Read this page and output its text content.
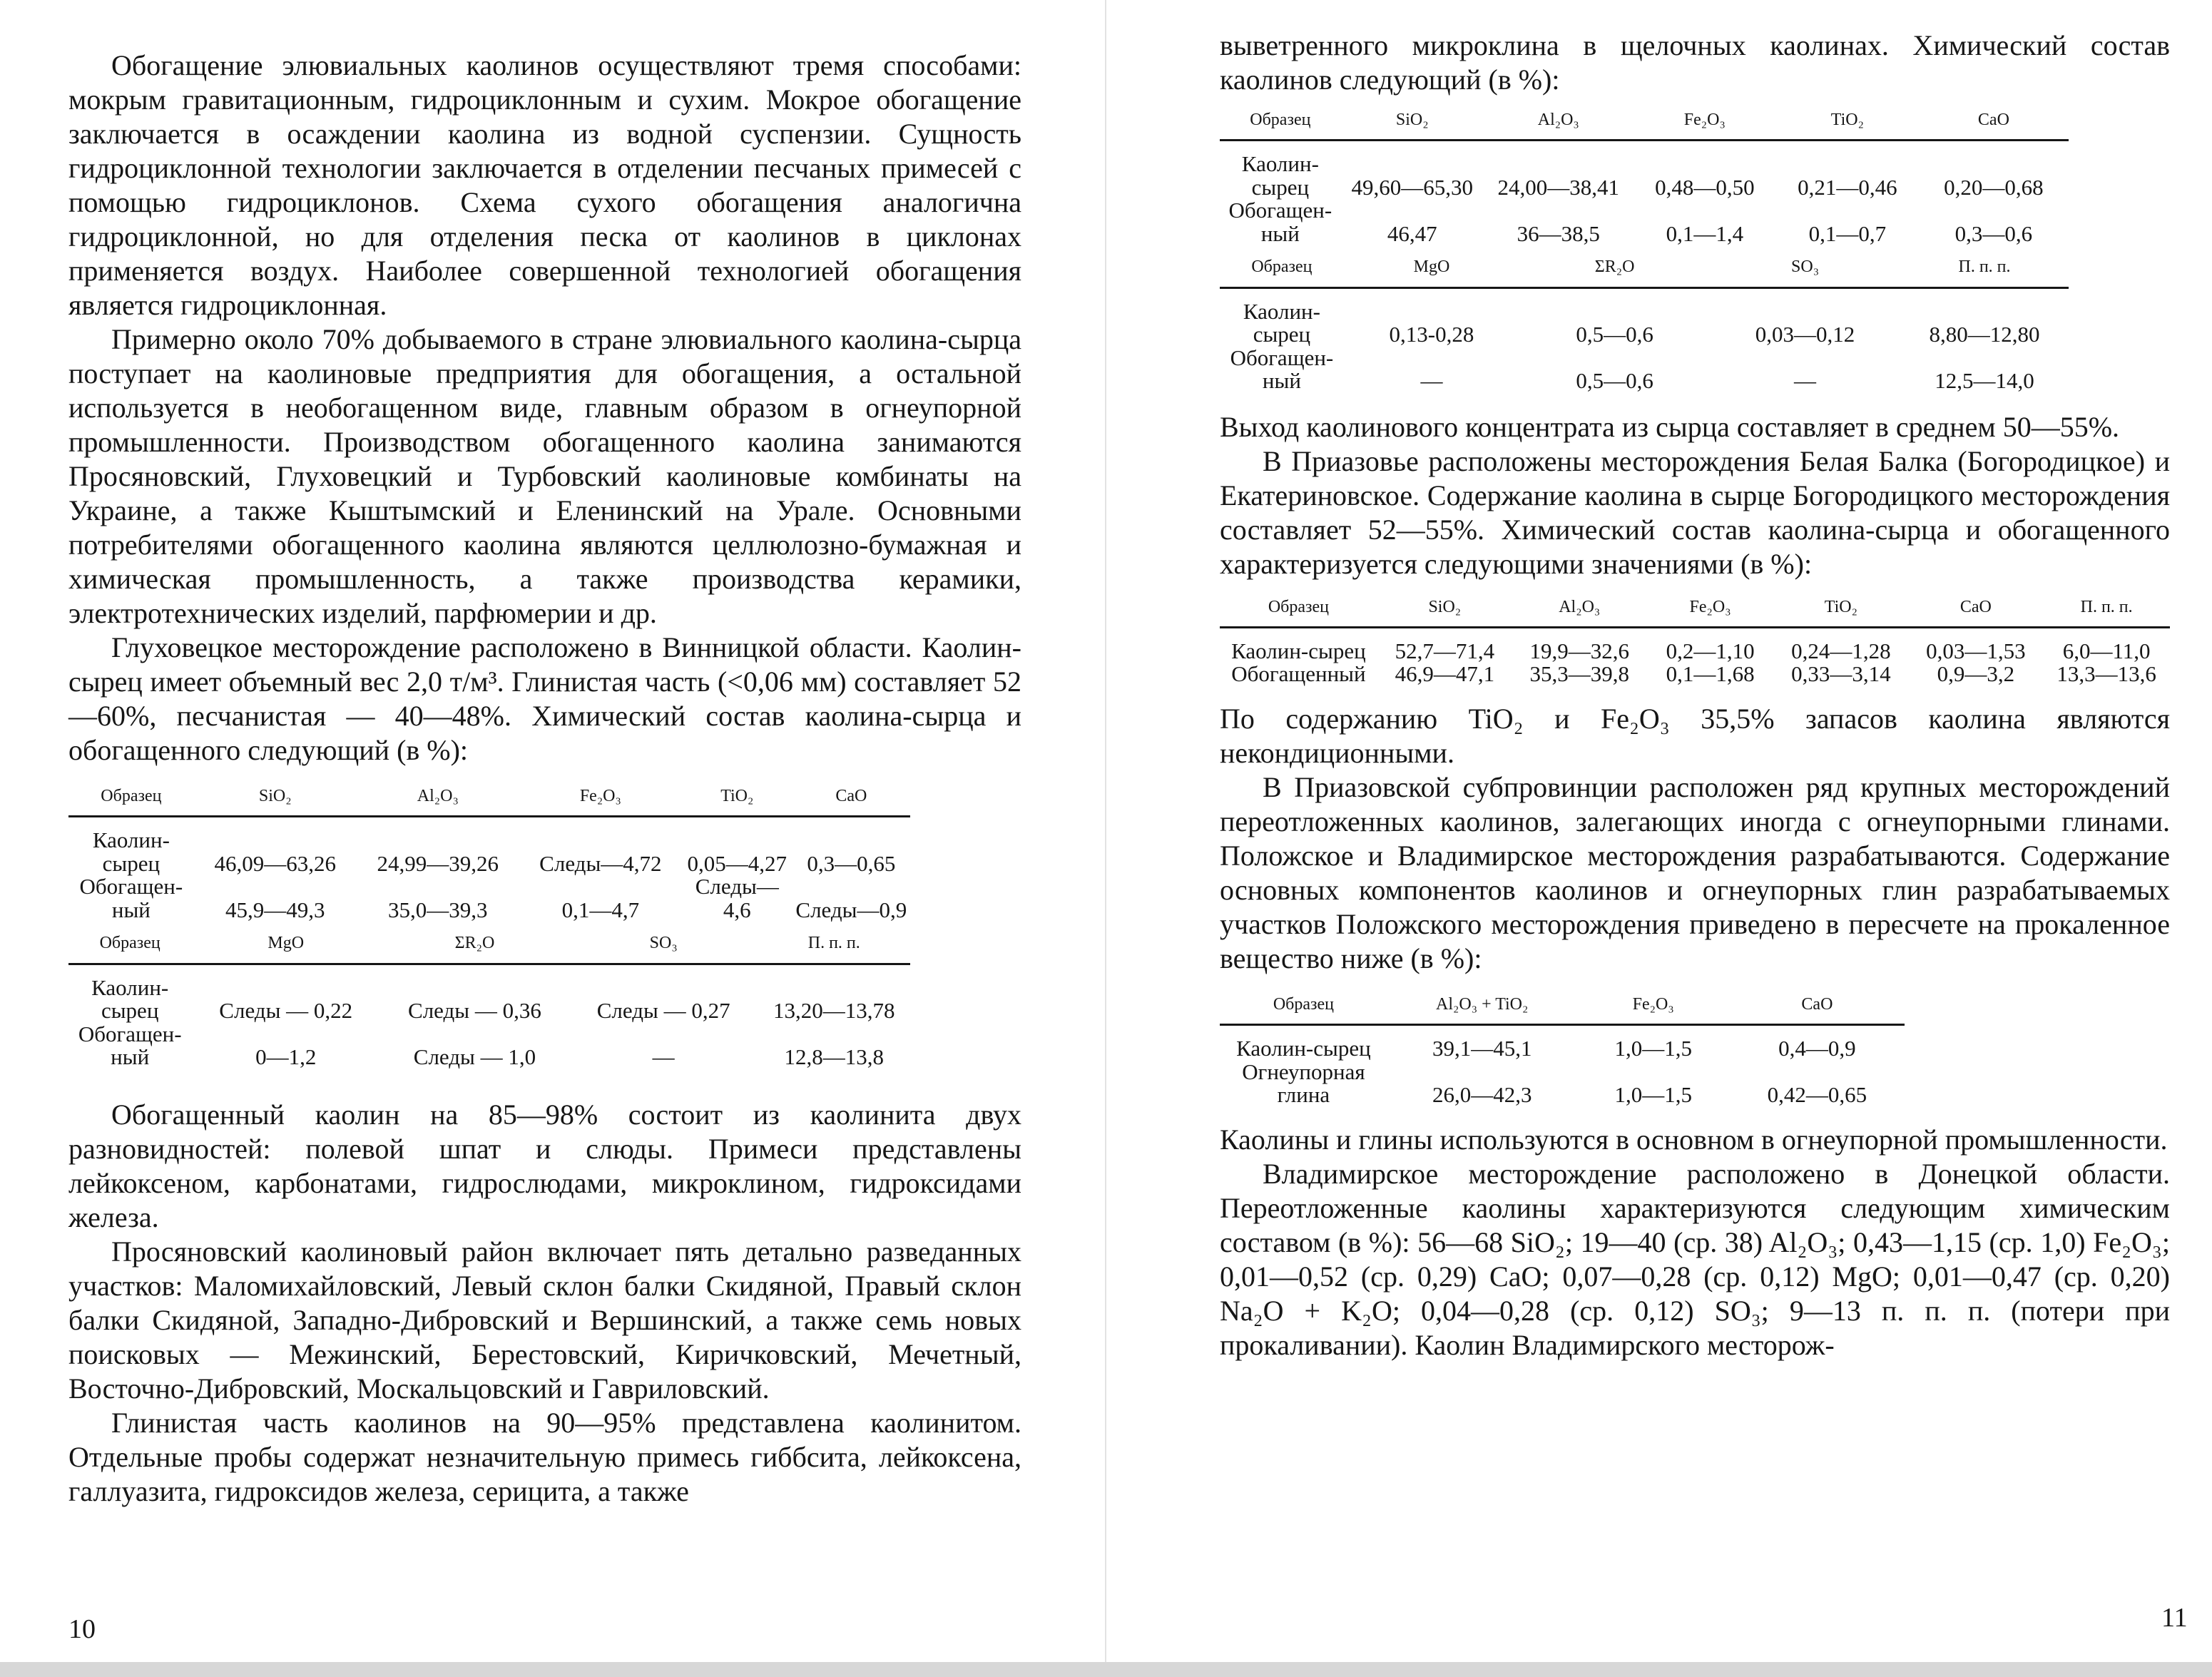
Обогащение элювиальных каолинов осуществляют тремя способами: мокрым гравитационным, гидроциклонным и сухим. Мокрое обогащение заключается в осаждении каолина из водной суспензии. Сущность гидроциклонной технологии заключается в отделении песчаных примесей с помощью гидроциклонов. Схема сухого обогащения аналогична гидроциклонной, но для отделения песка от каолинов в циклонах применяется воздух. Наиболее совершенной технологией обогащения является гидроциклонная.

Примерно около 70% добываемого в стране элювиального каолина-сырца поступает на каолиновые предприятия для обогащения, а остальной используется в необогащенном виде, главным образом в огнеупорной промышленности. Производством обогащенного каолина занимаются Просяновский, Глуховецкий и Турбовский каолиновые комбинаты на Украине, а также Кыштымский и Еленинский на Урале. Основными потребителями обогащенного каолина являются целлюлозно-бумажная и химическая промышленность, а также производства керамики, электротехнических изделий, парфюмерии и др.

Глуховецкое месторождение расположено в Винницкой области. Каолин-сырец имеет объемный вес 2,0 т/м³. Глинистая часть (<0,06 мм) составляет 52—60%, песчанистая — 40—48%. Химический состав каолина-сырца и обогащенного следующий (в %):

Образец	SiO₂	Al₂O₃	Fe₂O₃	TiO₂	CaO
Каолин-сырец	46,09—63,26	24,99—39,26	Следы—4,72	0,05—4,27	0,3—0,65
Обогащен-ный	45,9—49,3	35,0—39,3	0,1—4,7	Следы—4,6	Следы—0,9
Образец	MgO	ΣR₂O	SO₃	П. п. п.
Каолин-сырец	Следы — 0,22	Следы — 0,36	Следы — 0,27	13,20—13,78
Обогащен-ный	0—1,2	Следы — 1,0	—	12,8—13,8

Обогащенный каолин на 85—98% состоит из каолинита двух разновидностей: полевой шпат и слюды. Примеси представлены лейкоксеном, карбонатами, гидрослюдами, микроклином, гидроксидами железа.

Просяновский каолиновый район включает пять детально разведанных участков: Маломихайловский, Левый склон балки Скидяной, Правый склон балки Скидяной, Западно-Дибровский и Вершинский, а также семь новых поисковых — Межинский, Берестовский, Киричковский, Мечетный, Восточно-Дибровский, Москальцовский и Гавриловский.

Глинистая часть каолинов на 90—95% представлена каолинитом. Отдельные пробы содержат незначительную примесь гиббсита, лейкоксена, галлуазита, гидроксидов железа, серицита, а также

10

выветренного микроклина в щелочных каолинах. Химический состав каолинов следующий (в %):

Образец	SiO₂	Al₂O₃	Fe₂O₃	TiO₂	CaO
Каолин-сырец	49,60—65,30	24,00—38,41	0,48—0,50	0,21—0,46	0,20—0,68
Обогащен-ный	46,47	36—38,5	0,1—1,4	0,1—0,7	0,3—0,6
Образец	MgO	ΣR₂O	SO₃	П. п. п.
Каолин-сырец	0,13-0,28	0,5—0,6	0,03—0,12	8,80—12,80
Обогащен-ный	—	0,5—0,6	—	12,5—14,0

Выход каолинового концентрата из сырца составляет в среднем 50—55%.

В Приазовье расположены месторождения Белая Балка (Богородицкое) и Екатериновское. Содержание каолина в сырце Богородицкого месторождения составляет 52—55%. Химический состав каолина-сырца и обогащенного характеризуется следующими значениями (в %):

Образец	SiO₂	Al₂O₃	Fe₂O₃	TiO₂	CaO	П. п. п.
Каолин-сырец	52,7—71,4	19,9—32,6	0,2—1,10	0,24—1,28	0,03—1,53	6,0—11,0
Обогащенный	46,9—47,1	35,3—39,8	0,1—1,68	0,33—3,14	0,9—3,2	13,3—13,6

По содержанию TiO₂ и Fe₂O₃ 35,5% запасов каолина являются некондиционными.

В Приазовской субпровинции расположен ряд крупных месторождений переотложенных каолинов, залегающих иногда с огнеупорными глинами. Положское и Владимирское месторождения разрабатываются. Содержание основных компонентов каолинов и огнеупорных глин разрабатываемых участков Положского месторождения приведено в пересчете на прокаленное вещество ниже (в %):

Образец	Al₂O₃ + TiO₂	Fe₂O₃	CaO
Каолин-сырец	39,1—45,1	1,0—1,5	0,4—0,9
Огнеупорная глина	26,0—42,3	1,0—1,5	0,42—0,65

Каолины и глины используются в основном в огнеупорной промышленности.

Владимирское месторождение расположено в Донецкой области. Переотложенные каолины характеризуются следующим химическим составом (в %): 56—68 SiO₂; 19—40 (ср. 38) Al₂O₃; 0,43—1,15 (ср. 1,0) Fe₂O₃; 0,01—0,52 (ср. 0,29) CaO; 0,07—0,28 (ср. 0,12) MgO; 0,01—0,47 (ср. 0,20) Na₂O + K₂O; 0,04—0,28 (ср. 0,12) SO₃; 9—13 п. п. п. (потери при прокаливании). Каолин Владимирского месторож-

11
